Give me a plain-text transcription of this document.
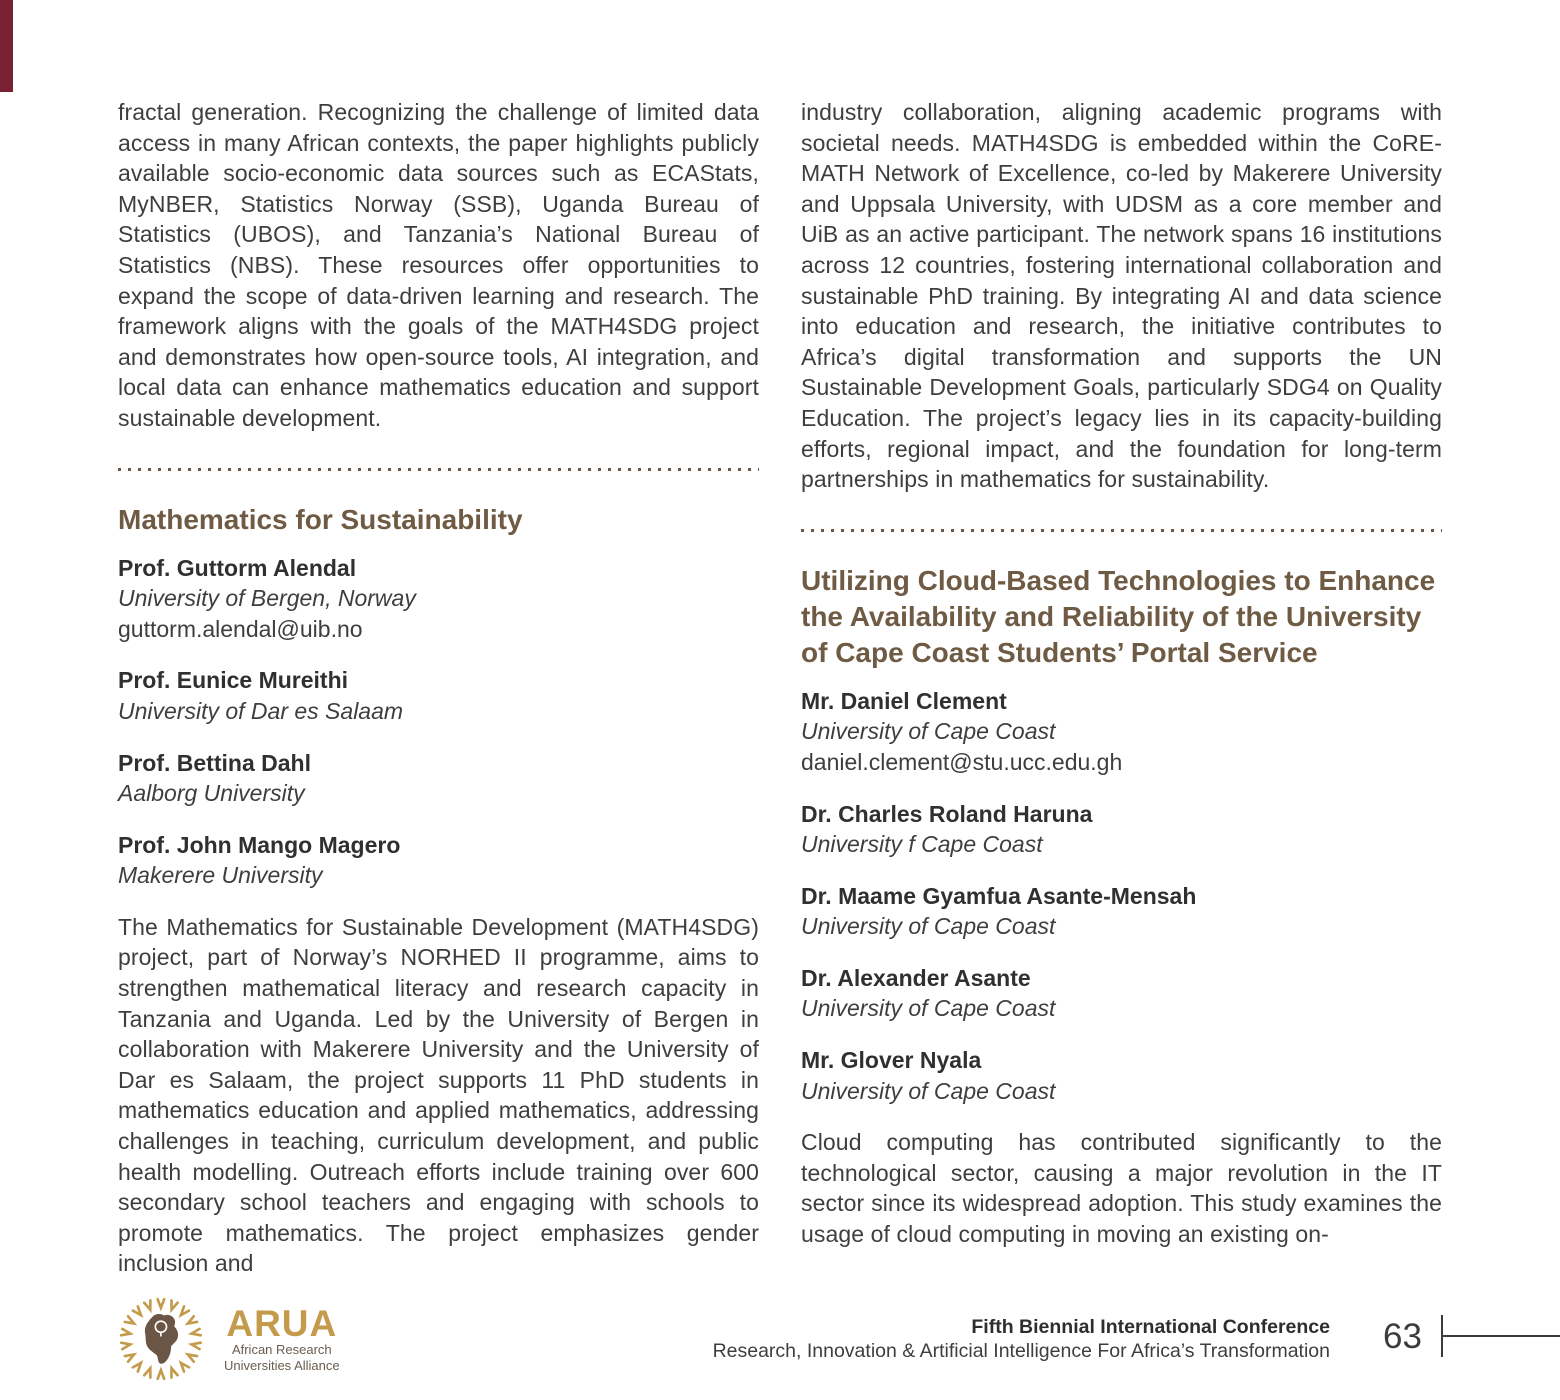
fractal generation. Recognizing the challenge of limited data access in many African contexts, the paper highlights publicly available socio-economic data sources such as ECAStats, MyNBER, Statistics Norway (SSB), Uganda Bureau of Statistics (UBOS), and Tanzania’s National Bureau of Statistics (NBS). These resources offer opportunities to expand the scope of data-driven learning and research. The framework aligns with the goals of the MATH4SDG project and demonstrates how open-source tools, AI integration, and local data can enhance mathematics education and support sustainable development.

Mathematics for Sustainability
Prof. Guttorm Alendal
University of Bergen, Norway
guttorm.alendal@uib.no
Prof. Eunice Mureithi
University of Dar es Salaam
Prof. Bettina Dahl
Aalborg University
Prof. John Mango Magero
Makerere University

The Mathematics for Sustainable Development (MATH4SDG) project, part of Norway’s NORHED II programme, aims to strengthen mathematical literacy and research capacity in Tanzania and Uganda. Led by the University of Bergen in collaboration with Makerere University and the University of Dar es Salaam, the project supports 11 PhD students in mathematics education and applied mathematics, addressing challenges in teaching, curriculum development, and public health modelling. Outreach efforts include training over 600 secondary school teachers and engaging with schools to promote mathematics. The project emphasizes gender inclusion and

industry collaboration, aligning academic programs with societal needs. MATH4SDG is embedded within the CoRE-MATH Network of Excellence, co-led by Makerere University and Uppsala University, with UDSM as a core member and UiB as an active participant. The network spans 16 institutions across 12 countries, fostering international collaboration and sustainable PhD training. By integrating AI and data science into education and research, the initiative contributes to Africa’s digital transformation and supports the UN Sustainable Development Goals, particularly SDG4 on Quality Education. The project’s legacy lies in its capacity-building efforts, regional impact, and the foundation for long-term partnerships in mathematics for sustainability.

Utilizing Cloud-Based Technologies to Enhance the Availability and Reliability of the University of Cape Coast Students’ Portal Service
Mr. Daniel Clement
University of Cape Coast
daniel.clement@stu.ucc.edu.gh
Dr. Charles Roland Haruna
University f Cape Coast
Dr. Maame Gyamfua Asante-Mensah
University of Cape Coast
Dr. Alexander Asante
University of Cape Coast
Mr. Glover Nyala
University of Cape Coast

Cloud computing has contributed significantly to the technological sector, causing a major revolution in the IT sector since its widespread adoption. This study examines the usage of cloud computing in moving an existing on-

ARUA
African Research
Universities Alliance
Fifth Biennial International Conference
Research, Innovation & Artificial Intelligence For Africa’s Transformation 63
